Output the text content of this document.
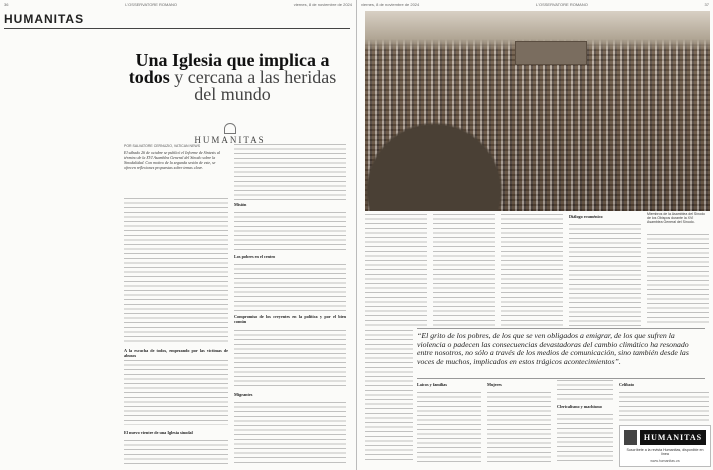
36	L'OSSERVATORE ROMANO	viernes, 8 de noviembre de 2024
HUMANITAS
Una Iglesia que implica a todos y cercana a las heridas del mundo
HUMANITAS
POR SALVATORE CERNUZIO, VATICAN NEWS
El sábado 26 de octubre se publicó el Informe de Síntesis al término de la XVI Asamblea General del Sínodo sobre la Sinodalidad. Con motivo de la segunda sesión de este, se ofrecen reflexiones propuestas sobre temas clave.
A la escucha de todos, empezando por las víctimas de abusos
El nuevo vientre de una Iglesia sinodal
Misión
Los pobres en el centro
Compromiso de los creyentes en la política y por el bien común
Migrantes
viernes, 8 de noviembre de 2024	L'OSSERVATORE ROMANO	37
Miembros de la Asamblea del Sínodo de los Obispos durante la XVI Asamblea General del Sínodo.
Diálogo ecuménico
“El grito de los pobres, de los que se ven obligados a emigrar, de los que sufren la violencia o padecen las consecuencias devastadoras del cambio climático ha resonado entre nosotros, no sólo a través de los medios de comunicación, sino también desde las voces de muchos, implicados en estos trágicos acontecimientos”.
Laicos y familias	Mujeres
Clericalismo y machismo
Celibato
HUMANITAS
Suscríbete a la revista Humanitas, disponible en línea
www.humanitas.va
